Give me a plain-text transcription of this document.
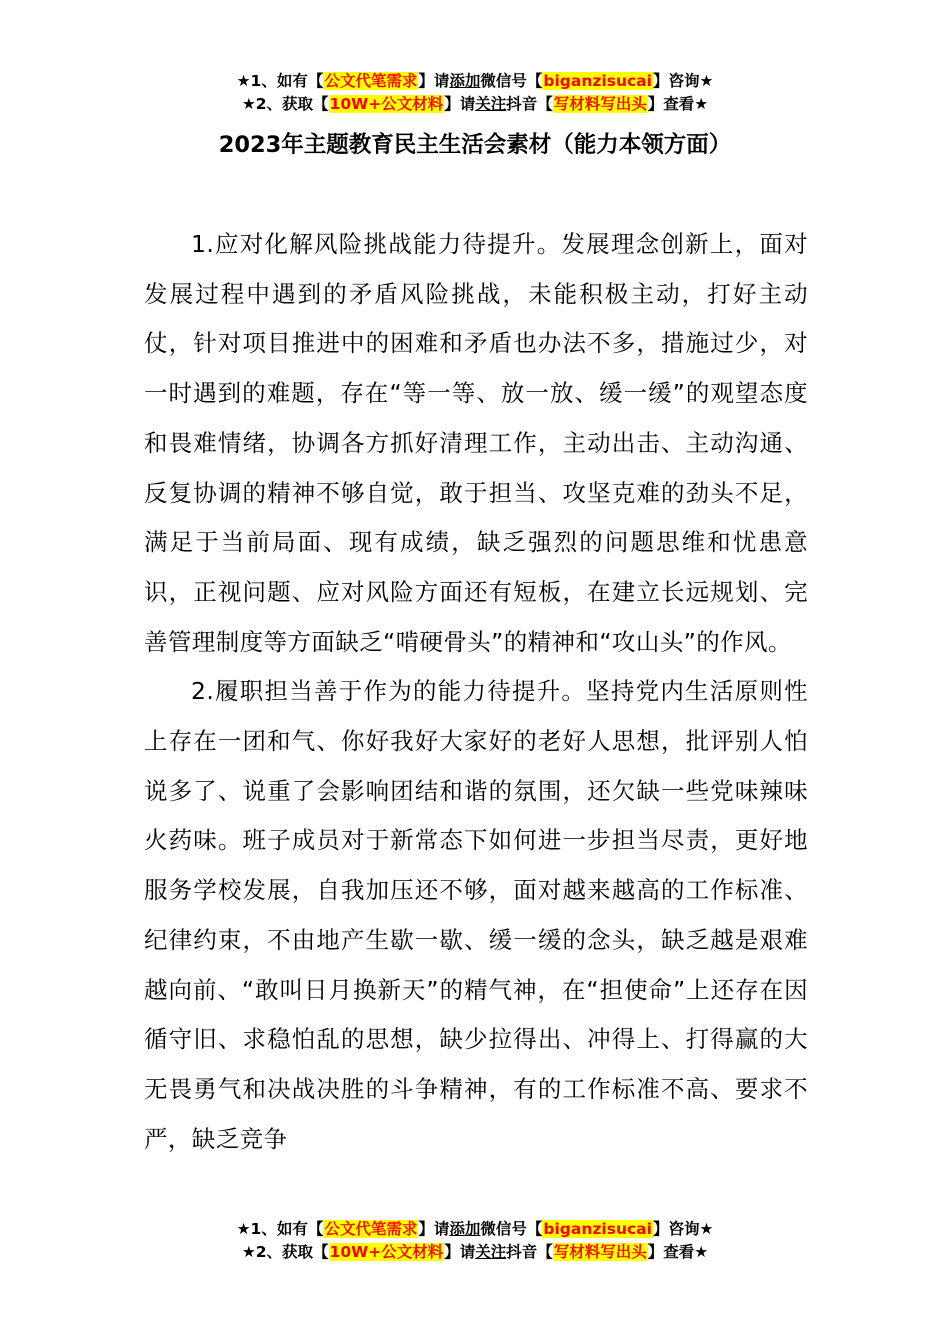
★1、如有【公文代笔需求】请添加微信号【biganzisucai】咨询★
★2、获取【10W+公文材料】请关注抖音【写材料写出头】查看★
2023年主题教育民主生活会素材（能力本领方面）

1.应对化解风险挑战能力待提升。发展理念创新上，面对发展过程中遇到的矛盾风险挑战，未能积极主动，打好主动仗，针对项目推进中的困难和矛盾也办法不多，措施过少，对一时遇到的难题，存在“等一等、放一放、缓一缓”的观望态度和畏难情绪，协调各方抓好清理工作，主动出击、主动沟通、反复协调的精神不够自觉，敢于担当、攻坚克难的劲头不足，满足于当前局面、现有成绩，缺乏强烈的问题思维和忧患意识，正视问题、应对风险方面还有短板，在建立长远规划、完善管理制度等方面缺乏“啃硬骨头”的精神和“攻山头”的作风。

2.履职担当善于作为的能力待提升。坚持党内生活原则性上存在一团和气、你好我好大家好的老好人思想，批评别人怕说多了、说重了会影响团结和谐的氛围，还欠缺一些党味辣味火药味。班子成员对于新常态下如何进一步担当尽责，更好地服务学校发展，自我加压还不够，面对越来越高的工作标准、纪律约束，不由地产生歇一歇、缓一缓的念头，缺乏越是艰难越向前、“敢叫日月换新天”的精气神，在“担使命”上还存在因循守旧、求稳怕乱的思想，缺少拉得出、冲得上、打得赢的大无畏勇气和决战决胜的斗争精神，有的工作标准不高、要求不严，缺乏竞争

★1、如有【公文代笔需求】请添加微信号【biganzisucai】咨询★
★2、获取【10W+公文材料】请关注抖音【写材料写出头】查看★
